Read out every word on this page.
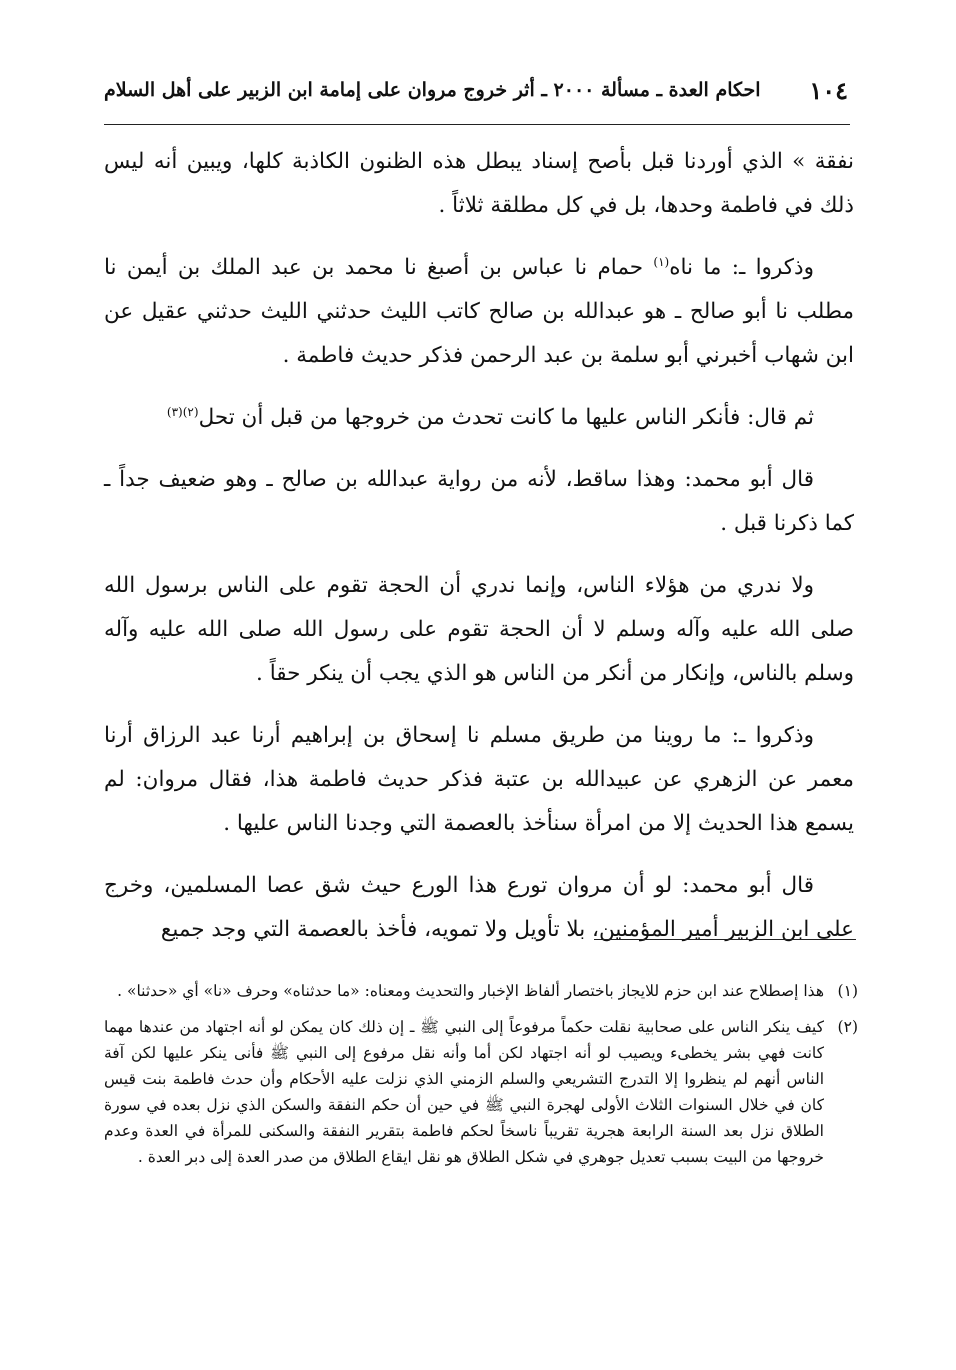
١٠٤
احكام العدة ـ مسألة ٢٠٠٠ ـ أثر خروج مروان على إمامة ابن الزبير على أهل السلام

نفقة » الذي أوردنا قبل بأصح إسناد يبطل هذه الظنون الكاذبة كلها، ويبين أنه ليس ذلك في فاطمة وحدها، بل في كل مطلقة ثلاثاً .

وذكروا ـ: ما ناه$^{(١)}$ حمام نا عباس بن أصبغ نا محمد بن عبد الملك بن أيمن نا مطلب نا أبو صالح ـ هو عبدالله بن صالح كاتب الليث حدثني الليث حدثني عقيل عن ابن شهاب أخبرني أبو سلمة بن عبد الرحمن فذكر حديث فاطمة .

ثم قال: فأنكر الناس عليها ما كانت تحدث من خروجها من قبل أن تحل$^{(٢)(٣)}$

قال أبو محمد: وهذا ساقط، لأنه من رواية عبدالله بن صالح ـ وهو ضعيف جداً ـ كما ذكرنا قبل .

ولا ندري من هؤلاء الناس، وإنما ندري أن الحجة تقوم على الناس برسول الله صلى الله عليه وآله وسلم لا أن الحجة تقوم على رسول الله صلى الله عليه وآله وسلم بالناس، وإنكار من أنكر من الناس هو الذي يجب أن ينكر حقاً .

وذكروا ـ: ما روينا من طريق مسلم نا إسحاق بن إبراهيم أرنا عبد الرزاق أرنا معمر عن الزهري عن عبيدالله بن عتبة فذكر حديث فاطمة هذا، فقال مروان: لم يسمع هذا الحديث إلا من امرأة سنأخذ بالعصمة التي وجدنا الناس عليها .

قال أبو محمد: لو أن مروان تورع هذا الورع حيث شق عصا المسلمين، وخرج على ابن الزبير أمير المؤمنين، بلا تأويل ولا تمويه، فأخذ بالعصمة التي وجد جميع

(١)هذا إصطلاح عند ابن حزم للايجاز باختصار ألفاظ الإخبار والتحديث ومعناه: «ما حدثناه» وحرف «نا» أي «حدثنا» .
(٢)كيف ينكر الناس على صحابية نقلت حكماً مرفوعاً إلى النبي ﷺ ـ إن ذلك كان يمكن لو أنه اجتهاد من عندها مهما كانت فهي بشر يخطىء ويصيب لو أنه اجتهاد لكن أما وأنه نقل مرفوع إلى النبي ﷺ فأنى ينكر عليها لكن آفة الناس أنهم لم ينظروا إلا التدرج التشريعي والسلم الزمني الذي نزلت عليه الأحكام وأن حدث فاطمة بنت قيس كان في خلال السنوات الثلاث الأولى لهجرة النبي ﷺ في حين أن حكم النفقة والسكن الذي نزل بعده في سورة الطلاق نزل بعد السنة الرابعة هجرية تقريباً ناسخاً لحكم فاطمة بتقرير النفقة والسكنى للمرأة في العدة وعدم خروجها من البيت بسبب تعديل جوهري في شكل الطلاق هو نقل ايقاع الطلاق من صدر العدة إلى دبر العدة .
